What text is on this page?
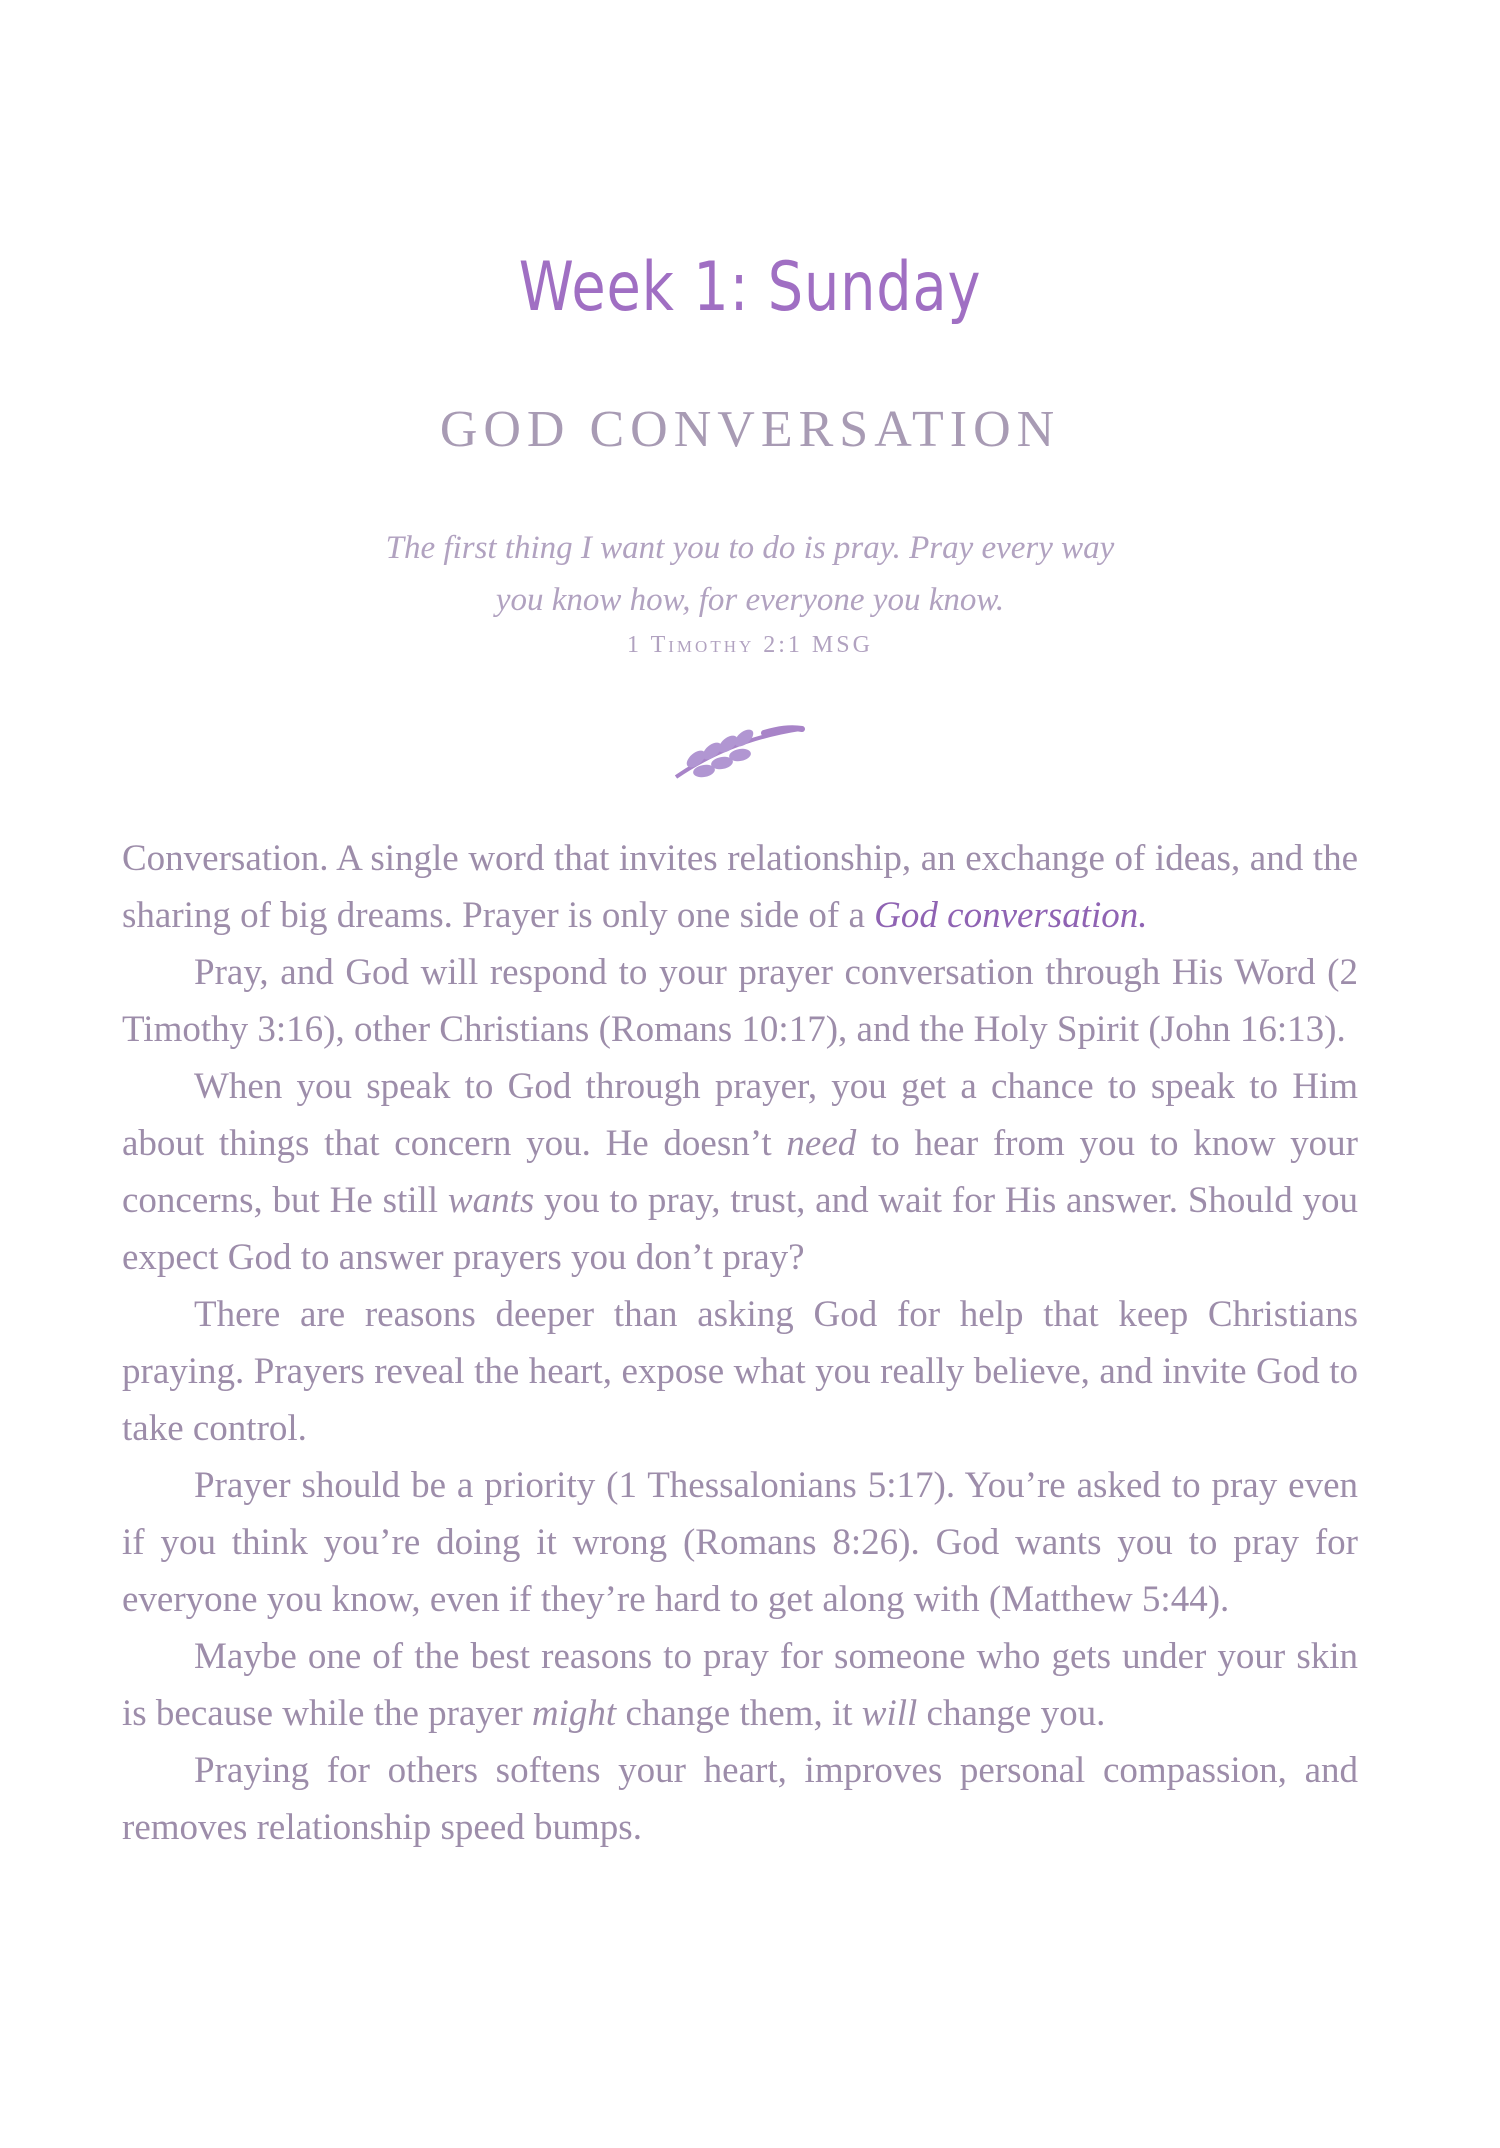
Week 1: Sunday
GOD CONVERSATION
The first thing I want you to do is pray. Pray every way
you know how, for everyone you know.
1 Timothy 2:1 MSG

Conversation. A single word that invites relationship, an exchange of ideas, and the sharing of big dreams. Prayer is only one side of a God conversation.

Pray, and God will respond to your prayer conversation through His Word (2 Timothy 3:16), other Christians (Romans 10:17), and the Holy Spirit (John 16:13).

When you speak to God through prayer, you get a chance to speak to Him about things that concern you. He doesn’t need to hear from you to know your concerns, but He still wants you to pray, trust, and wait for His answer. Should you expect God to answer prayers you don’t pray?

There are reasons deeper than asking God for help that keep Christians praying. Prayers reveal the heart, expose what you really believe, and invite God to take control.

Prayer should be a priority (1 Thessalonians 5:17). You’re asked to pray even if you think you’re doing it wrong (Romans 8:26). God wants you to pray for everyone you know, even if they’re hard to get along with (Matthew 5:44).

Maybe one of the best reasons to pray for someone who gets under your skin is because while the prayer might change them, it will change you.

Praying for others softens your heart, improves personal compassion, and removes relationship speed bumps.
